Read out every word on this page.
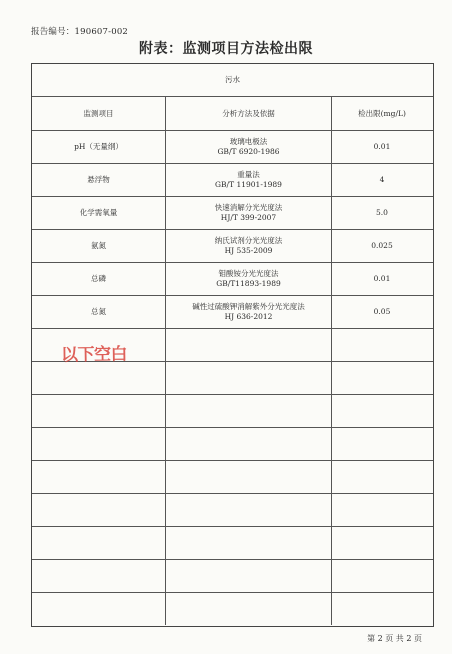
报告编号：190607-002
附表：监测项目方法检出限
污水
监测项目	分析方法及依据	检出限(mg/L)
pH（无量纲）
玻璃电极法
GB/T 6920-1986
0.01
悬浮物
重量法
GB/T 11901-1989
4
化学需氧量
快速消解分光光度法
HJ/T 399-2007
5.0
氨氮
纳氏试剂分光光度法
HJ 535-2009
0.025
总磷
钼酸铵分光光度法
GB/T11893-1989
0.01
总氮
碱性过硫酸钾消解紫外分光光度法
HJ 636-2012
0.05
以下空白
第 2 页 共 2 页
